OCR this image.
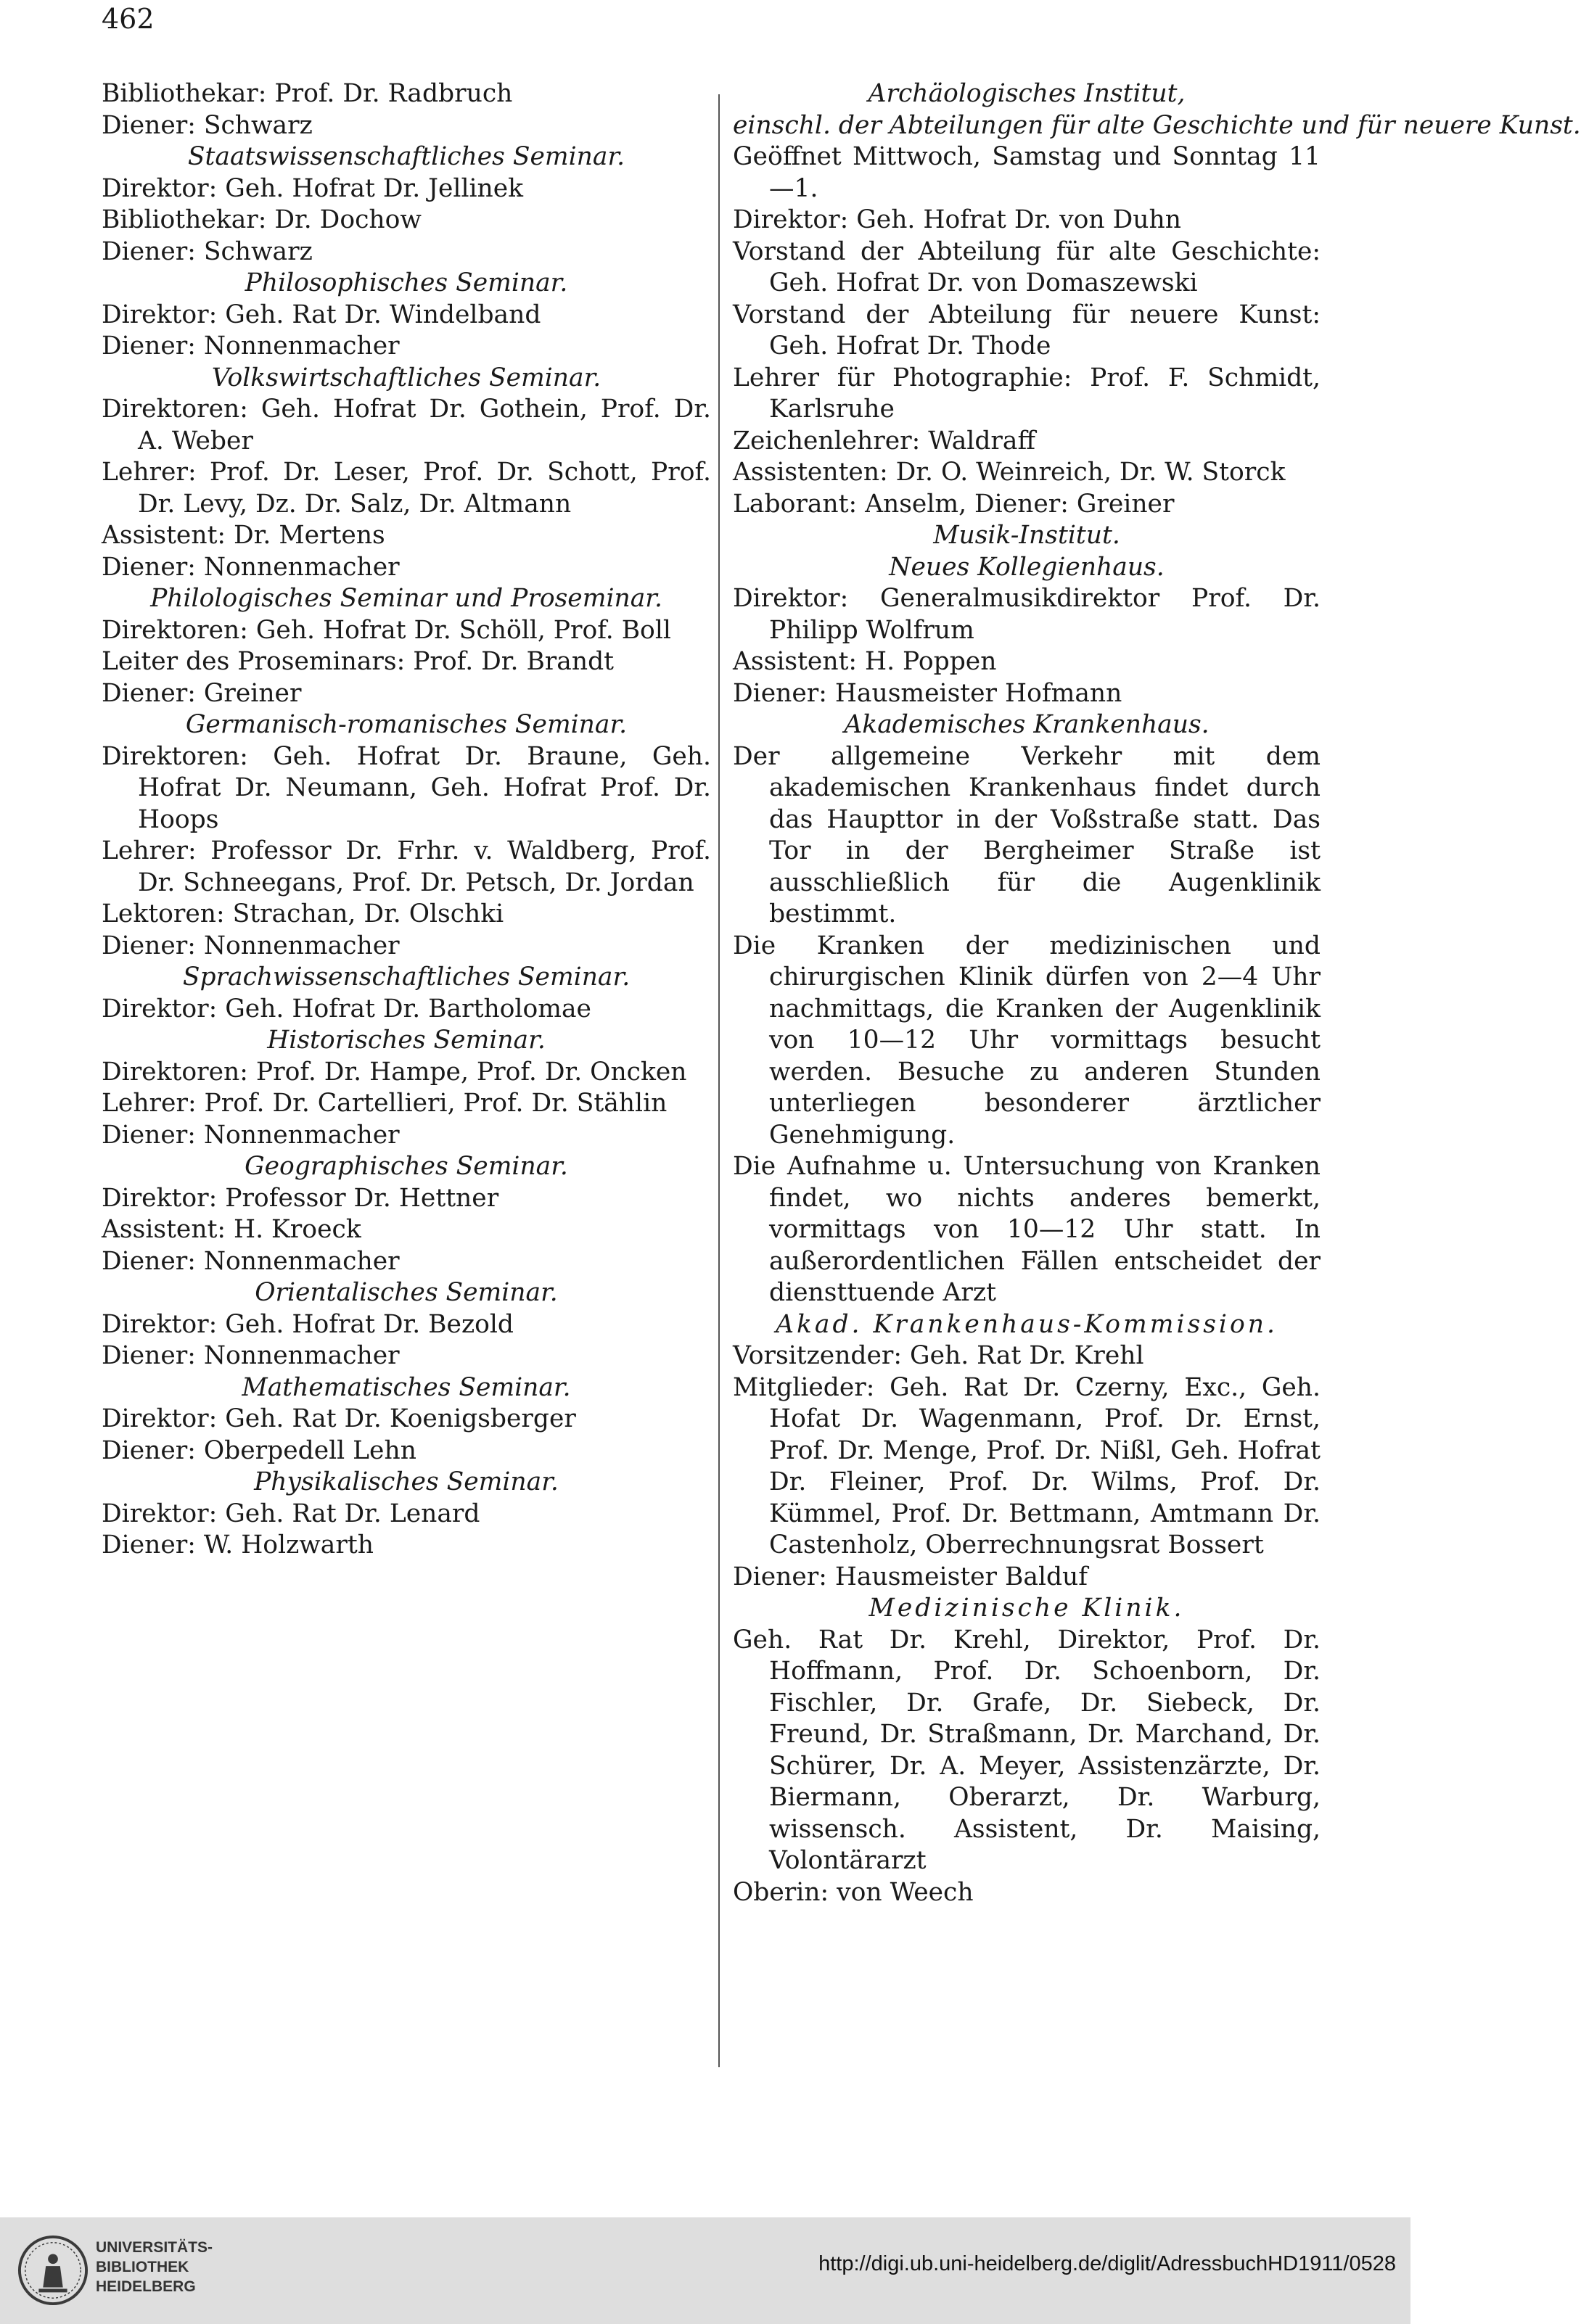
462
Bibliothekar: Prof. Dr. Radbruch
Diener: Schwarz
Staatswissenschaftliches Seminar.
Direktor: Geh. Hofrat Dr. Jellinek
Bibliothekar: Dr. Dochow
Diener: Schwarz
Philosophisches Seminar.
Direktor: Geh. Rat Dr. Windelband
Diener: Nonnenmacher
Volkswirtschaftliches Seminar.
Direktoren: Geh. Hofrat Dr. Gothein, Prof. Dr. A. Weber
Lehrer: Prof. Dr. Leser, Prof. Dr. Schott, Prof. Dr. Levy, Dz. Dr. Salz, Dr. Altmann
Assistent: Dr. Mertens
Diener: Nonnenmacher
Philologisches Seminar und Proseminar.
Direktoren: Geh. Hofrat Dr. Schöll, Prof. Boll
Leiter des Proseminars: Prof. Dr. Brandt
Diener: Greiner
Germanisch-romanisches Seminar.
Direktoren: Geh. Hofrat Dr. Braune, Geh. Hofrat Dr. Neumann, Geh. Hofrat Prof. Dr. Hoops
Lehrer: Professor Dr. Frhr. v. Waldberg, Prof. Dr. Schneegans, Prof. Dr. Petsch, Dr. Jordan
Lektoren: Strachan, Dr. Olschki
Diener: Nonnenmacher
Sprachwissenschaftliches Seminar.
Direktor: Geh. Hofrat Dr. Bartholomae
Historisches Seminar.
Direktoren: Prof. Dr. Hampe, Prof. Dr. Oncken
Lehrer: Prof. Dr. Cartellieri, Prof. Dr. Stählin
Diener: Nonnenmacher
Geographisches Seminar.
Direktor: Professor Dr. Hettner
Assistent: H. Kroeck
Diener: Nonnenmacher
Orientalisches Seminar.
Direktor: Geh. Hofrat Dr. Bezold
Diener: Nonnenmacher
Mathematisches Seminar.
Direktor: Geh. Rat Dr. Koenigsberger
Diener: Oberpedell Lehn
Physikalisches Seminar.
Direktor: Geh. Rat Dr. Lenard
Diener: W. Holzwarth
Archäologisches Institut,
einschl. der Abteilungen für alte Geschichte und für neuere Kunst.
Geöffnet Mittwoch, Samstag und Sonntag 11—1.
Direktor: Geh. Hofrat Dr. von Duhn
Vorstand der Abteilung für alte Geschichte: Geh. Hofrat Dr. von Domaszewski
Vorstand der Abteilung für neuere Kunst: Geh. Hofrat Dr. Thode
Lehrer für Photographie: Prof. F. Schmidt, Karlsruhe
Zeichenlehrer: Waldraff
Assistenten: Dr. O. Weinreich, Dr. W. Storck
Laborant: Anselm, Diener: Greiner
Musik-Institut.
Neues Kollegienhaus.
Direktor: Generalmusikdirektor Prof. Dr. Philipp Wolfrum
Assistent: H. Poppen
Diener: Hausmeister Hofmann
Akademisches Krankenhaus.
Der allgemeine Verkehr mit dem akademischen Krankenhaus findet durch das Haupttor in der Voßstraße statt. Das Tor in der Bergheimer Straße ist ausschließlich für die Augenklinik bestimmt.
Die Kranken der medizinischen und chirurgischen Klinik dürfen von 2—4 Uhr nachmittags, die Kranken der Augenklinik von 10—12 Uhr vormittags besucht werden. Besuche zu anderen Stunden unterliegen besonderer ärztlicher Genehmigung.
Die Aufnahme u. Untersuchung von Kranken findet, wo nichts anderes bemerkt, vormittags von 10—12 Uhr statt. In außerordentlichen Fällen entscheidet der diensttuende Arzt
Akad. Krankenhaus-Kommission.
Vorsitzender: Geh. Rat Dr. Krehl
Mitglieder: Geh. Rat Dr. Czerny, Exc., Geh. Hofat Dr. Wagenmann, Prof. Dr. Ernst, Prof. Dr. Menge, Prof. Dr. Nißl, Geh. Hofrat Dr. Fleiner, Prof. Dr. Wilms, Prof. Dr. Kümmel, Prof. Dr. Bettmann, Amtmann Dr. Castenholz, Oberrechnungsrat Bossert
Diener: Hausmeister Balduf
Medizinische Klinik.
Geh. Rat Dr. Krehl, Direktor, Prof. Dr. Hoffmann, Prof. Dr. Schoenborn, Dr. Fischler, Dr. Grafe, Dr. Siebeck, Dr. Freund, Dr. Straßmann, Dr. Marchand, Dr. Schürer, Dr. A. Meyer, Assistenzärzte, Dr. Biermann, Oberarzt, Dr. Warburg, wissensch. Assistent, Dr. Maising, Volontärarzt
Oberin: von Weech
UNIVERSITÄTS-
BIBLIOTHEK
HEIDELBERG
http://digi.ub.uni-heidelberg.de/diglit/AdressbuchHD1911/0528
